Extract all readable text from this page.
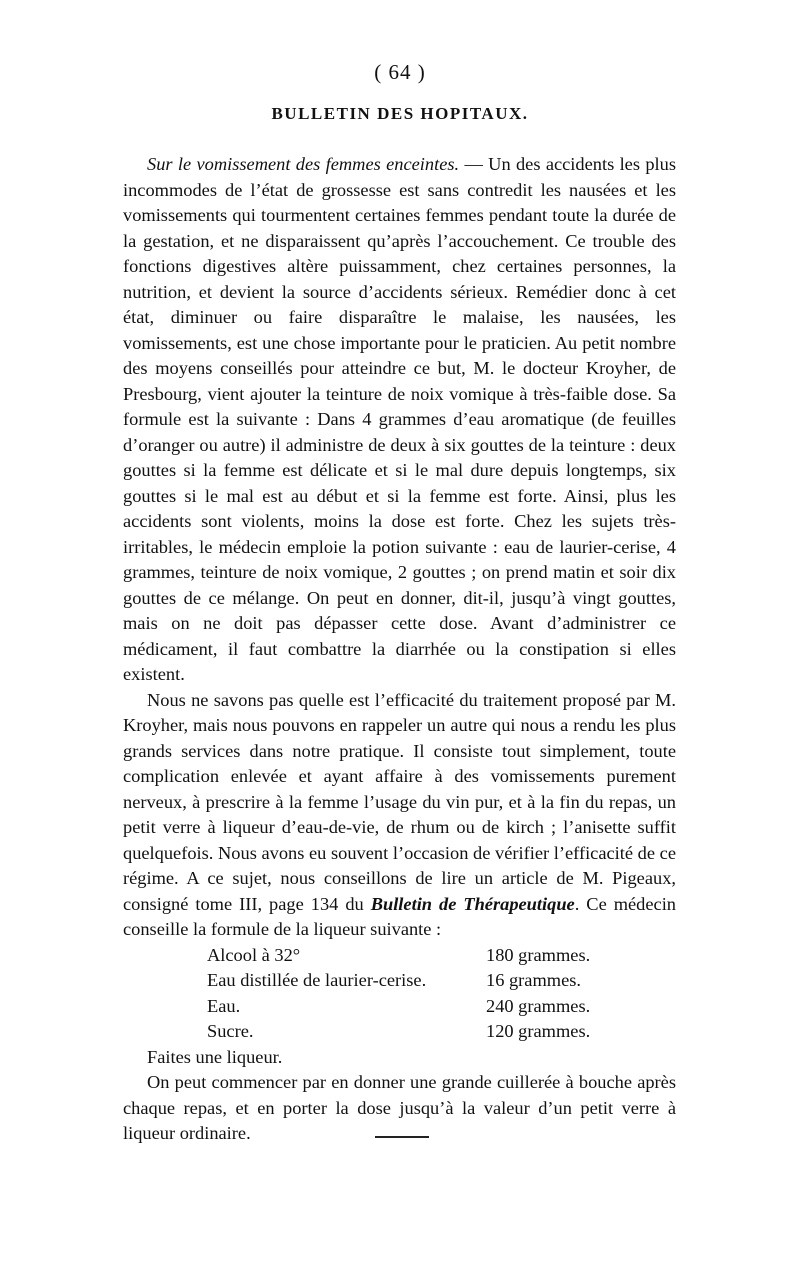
( 64 )
BULLETIN DES HOPITAUX.

Sur le vomissement des femmes enceintes. — Un des accidents les plus incommodes de l’état de grossesse est sans contredit les nausées et les vomissements qui tourmentent certaines femmes pendant toute la durée de la gestation, et ne disparaissent qu’après l’accouchement. Ce trouble des fonctions digestives altère puissamment, chez certaines personnes, la nutrition, et devient la source d’accidents sérieux. Remédier donc à cet état, diminuer ou faire disparaître le malaise, les nausées, les vomissements, est une chose importante pour le praticien. Au petit nombre des moyens conseillés pour atteindre ce but, M. le docteur Kroyher, de Presbourg, vient ajouter la teinture de noix vomique à très-faible dose. Sa formule est la suivante : Dans 4 grammes d’eau aromatique (de feuilles d’oranger ou autre) il administre de deux à six gouttes de la teinture : deux gouttes si la femme est délicate et si le mal dure depuis longtemps, six gouttes si le mal est au début et si la femme est forte. Ainsi, plus les accidents sont violents, moins la dose est forte. Chez les sujets très-irritables, le médecin emploie la potion suivante : eau de laurier-cerise, 4 grammes, teinture de noix vomique, 2 gouttes ; on prend matin et soir dix gouttes de ce mélange. On peut en donner, dit-il, jusqu’à vingt gouttes, mais on ne doit pas dépasser cette dose. Avant d’administrer ce médicament, il faut combattre la diarrhée ou la constipation si elles existent.

Nous ne savons pas quelle est l’efficacité du traitement proposé par M. Kroyher, mais nous pouvons en rappeler un autre qui nous a rendu les plus grands services dans notre pratique. Il consiste tout simplement, toute complication enlevée et ayant affaire à des vomissements purement nerveux, à prescrire à la femme l’usage du vin pur, et à la fin du repas, un petit verre à liqueur d’eau-de-vie, de rhum ou de kirch ; l’anisette suffit quelquefois. Nous avons eu souvent l’occasion de vérifier l’efficacité de ce régime. A ce sujet, nous conseillons de lire un article de M. Pigeaux, consigné tome III, page 134 du Bulletin de Thérapeutique. Ce médecin conseille la formule de la liqueur suivante :

Alcool à 32°	180 grammes.
Eau distillée de laurier-cerise.	16 grammes.
Eau.	240 grammes.
Sucre.	120 grammes.

Faites une liqueur.

On peut commencer par en donner une grande cuillerée à bouche après chaque repas, et en porter la dose jusqu’à la valeur d’un petit verre à liqueur ordinaire.
